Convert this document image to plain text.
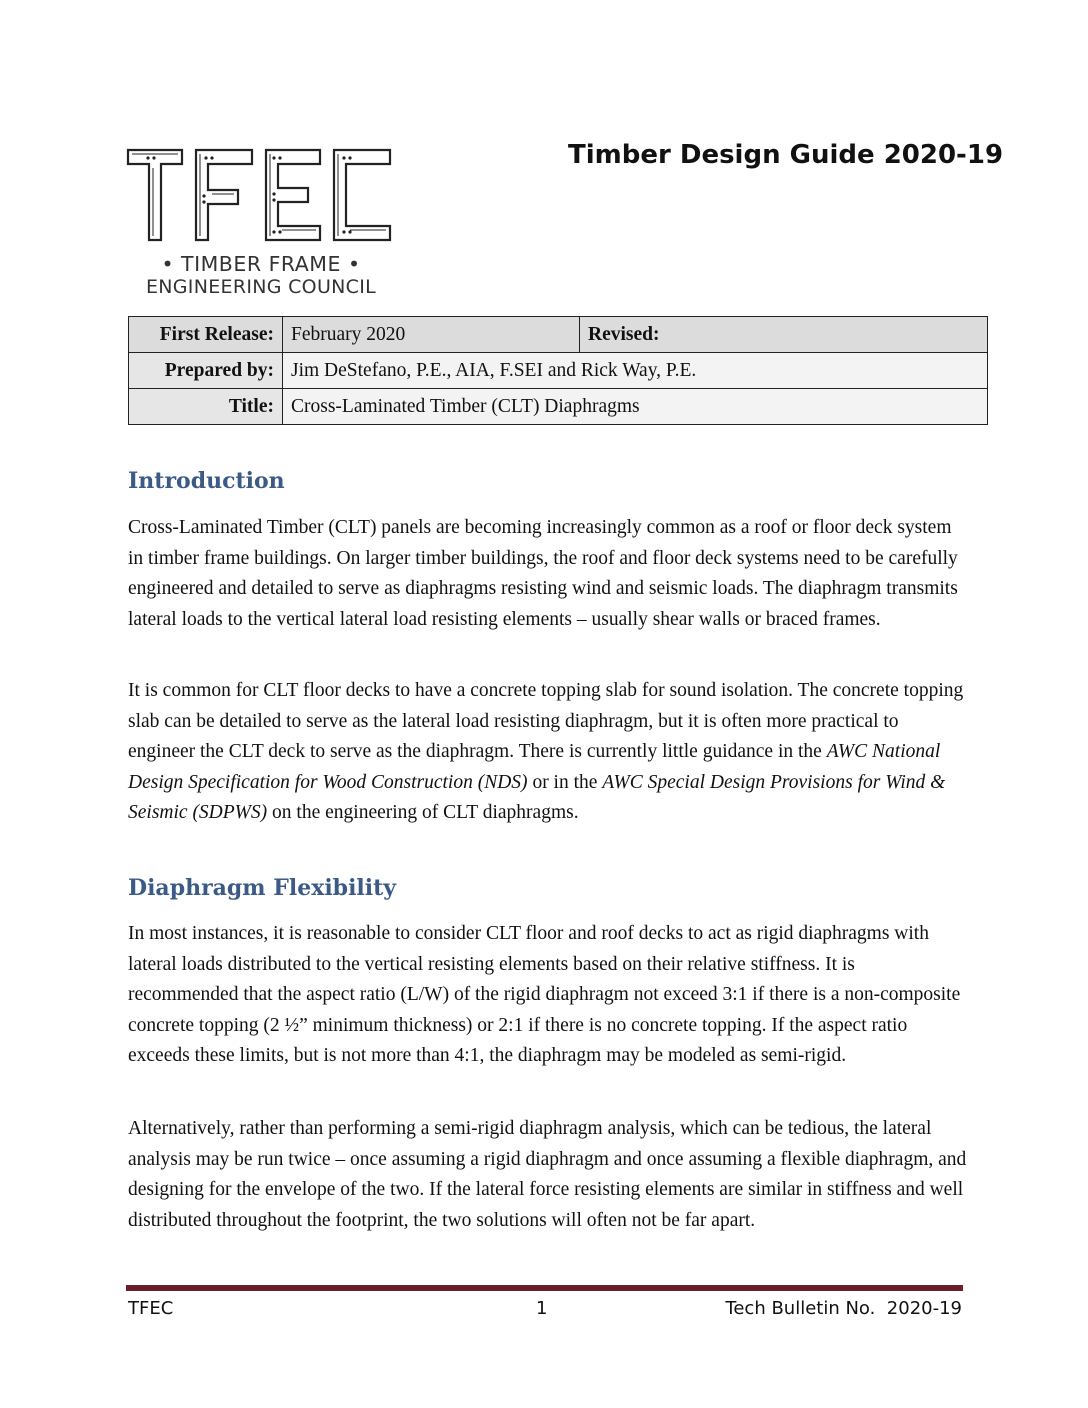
• TIMBER FRAME •
ENGINEERING COUNCIL
Timber Design Guide 2020-19
First Release:	February 2020	Revised:	
Prepared by:	Jim DeStefano, P.E., AIA, F.SEI and Rick Way, P.E.		
Title:	Cross-Laminated Timber (CLT) Diaphragms		
Introduction

Cross-Laminated Timber (CLT) panels are becoming increasingly common as a roof or floor deck system in timber frame buildings. On larger timber buildings, the roof and floor deck systems need to be carefully engineered and detailed to serve as diaphragms resisting wind and seismic loads. The diaphragm transmits lateral loads to the vertical lateral load resisting elements – usually shear walls or braced frames.

It is common for CLT floor decks to have a concrete topping slab for sound isolation. The concrete topping slab can be detailed to serve as the lateral load resisting diaphragm, but it is often more practical to engineer the CLT deck to serve as the diaphragm. There is currently little guidance in the AWC National Design Specification for Wood Construction (NDS) or in the AWC Special Design Provisions for Wind & Seismic (SDPWS) on the engineering of CLT diaphragms.

Diaphragm Flexibility

In most instances, it is reasonable to consider CLT floor and roof decks to act as rigid diaphragms with lateral loads distributed to the vertical resisting elements based on their relative stiffness. It is recommended that the aspect ratio (L/W) of the rigid diaphragm not exceed 3:1 if there is a non-composite concrete topping (2 ½” minimum thickness) or 2:1 if there is no concrete topping. If the aspect ratio exceeds these limits, but is not more than 4:1, the diaphragm may be modeled as semi-rigid.

Alternatively, rather than performing a semi-rigid diaphragm analysis, which can be tedious, the lateral analysis may be run twice – once assuming a rigid diaphragm and once assuming a flexible diaphragm, and designing for the envelope of the two. If the lateral force resisting elements are similar in stiffness and well distributed throughout the footprint, the two solutions will often not be far apart.

TFEC	1	Tech Bulletin No.  2020-19
